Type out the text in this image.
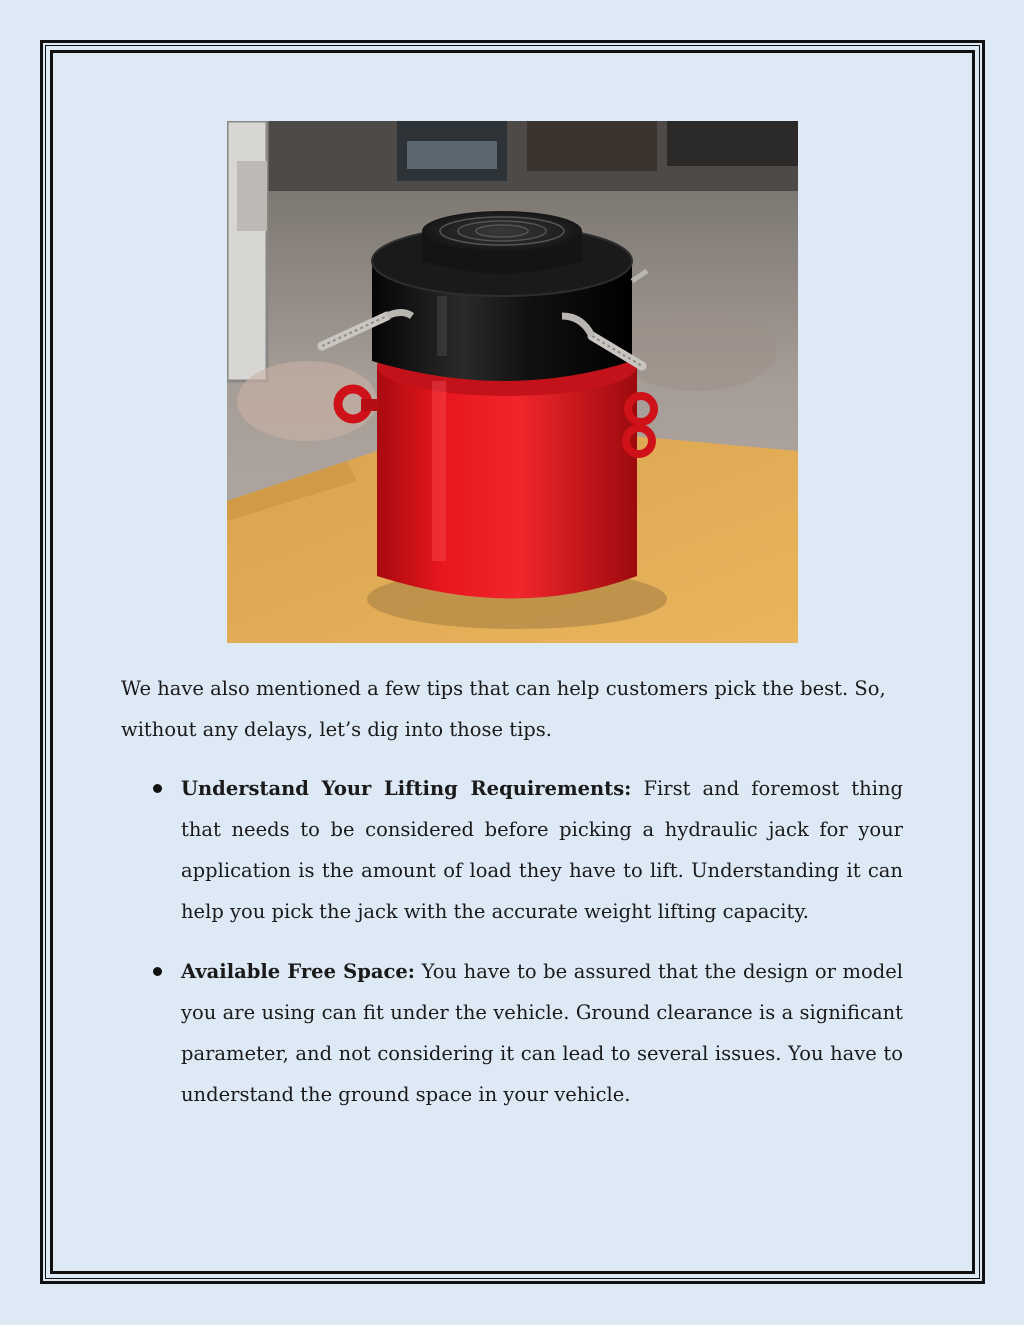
We have also mentioned a few tips that can help customers pick the best. So, without any delays, let’s dig into those tips.
Understand Your Lifting Requirements: First and foremost thing that needs to be considered before picking a hydraulic jack for your application is the amount of load they have to lift. Understanding it can help you pick the jack with the accurate weight lifting capacity.
Available Free Space: You have to be assured that the design or model you are using can fit under the vehicle. Ground clearance is a significant parameter, and not considering it can lead to several issues. You have to understand the ground space in your vehicle.
